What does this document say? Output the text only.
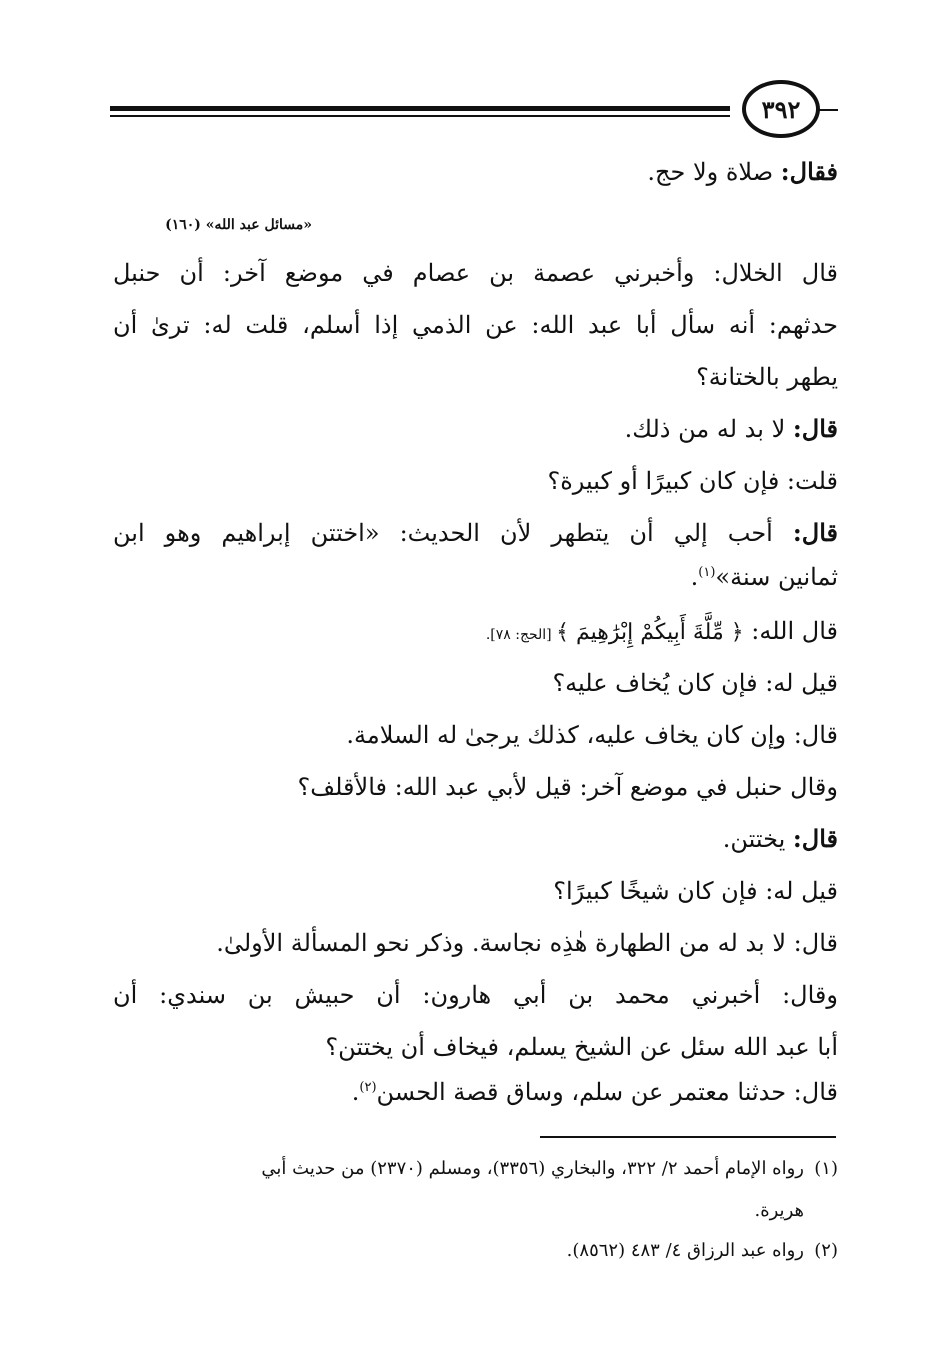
٣٩٢
فقال: صلاة ولا حج.
«مسائل عبد الله» (١٦٠)
قال الخلال: وأخبرني عصمة بن عصام في موضع آخر: أن حنبل
حدثهم: أنه سأل أبا عبد الله: عن الذمي إذا أسلم، قلت له: ترىٰ أن
يطهر بالختانة؟
قال: لا بد له من ذلك.
قلت: فإن كان كبيرًا أو كبيرة؟
قال: أحب إلي أن يتطهر لأن الحديث: «اختتن إبراهيم وهو ابن
ثمانين سنة»$^{(١)}$.
قال الله: ﴿ مِّلَّةَ أَبِيكُمْ إِبْرَٰهِيمَ ﴾ [الحج: ٧٨].
قيل له: فإن كان يُخاف عليه؟
قال: وإن كان يخاف عليه، كذلك يرجىٰ له السلامة.
وقال حنبل في موضع آخر: قيل لأبي عبد الله: فالأقلف؟
قال: يختتن.
قيل له: فإن كان شيخًا كبيرًا؟
قال: لا بد له من الطهارة هٰذِه نجاسة. وذكر نحو المسألة الأولىٰ.
وقال: أخبرني محمد بن أبي هارون: أن حبيش بن سندي: أن
أبا عبد الله سئل عن الشيخ يسلم، فيخاف أن يختتن؟
قال: حدثنا معتمر عن سلم، وساق قصة الحسن$^{(٢)}$.
(١)رواه الإمام أحمد ٢/ ٣٢٢، والبخاري (٣٣٥٦)، ومسلم (٢٣٧٠) من حديث أبي
هريرة.
(٢)رواه عبد الرزاق ٤/ ٤٨٣ (٨٥٦٢).
